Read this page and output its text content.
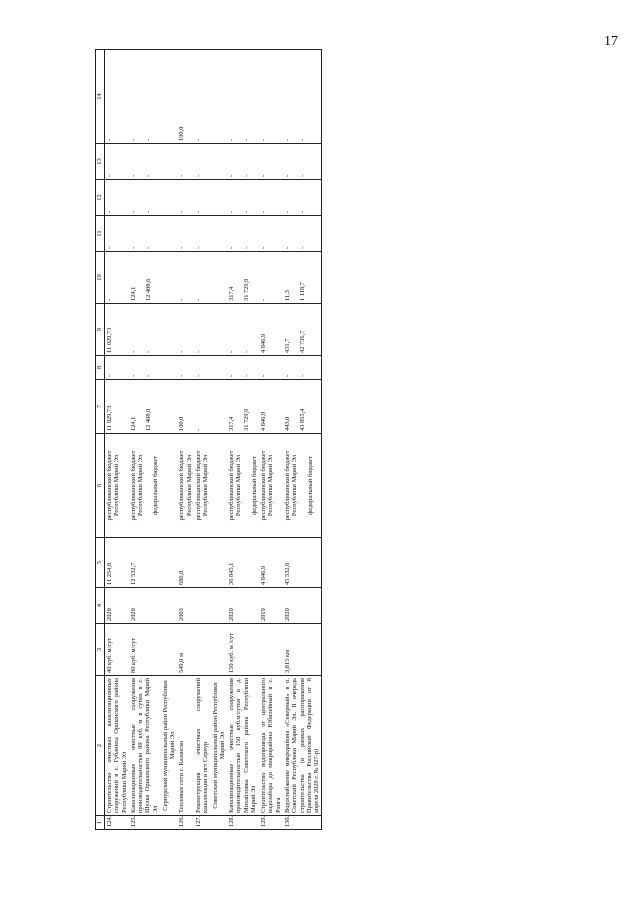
17
1	2	3	4	5	6	7	8	9	10	11	12	13	14
124.	Строительство очистных канализационных сооружений в с. Губаниха Оршанского района Республики Марий Эл	40 куб. м/сут	2020	11 254,8	республиканский бюджет Республики Марий Эл	11 029,73	-	11 029,73	-	-	-	-	-

125.	Канализационные очистные сооружения производительностью 80 куб. м в сутки в с. Шулка Оршанского района Республики Марий Эл	80 куб. м/сут	2020	12 532,7	республиканский бюджет Республики Марий Эл федеральный бюджет	124,1 12 408,0	- -	- -	124,1 12 408,6	- -	- -	- -	- -

	Сернурский муниципальный район Республики Марий Эл												
126.	Тепловые сети с. Казанско	549,0 м	2003	686,8	республиканский бюджет Республики Марий Эл	100,0	-	-	-	-	-	-	100,0

127.	Реконструкция очистных сооружений канализации в пгт Сернур				республиканский бюджет Республики Марий Эл	-	-	-	-	-	-	-	-

	Советский муниципальный район Республики Марий Эл												
128.	Канализационные очистные сооружения производительностью 150 куб.м/сутки в д. Михайловка Советского района Республики Марий Эл	150 куб. м /сут	2020	36 845,1	республиканский бюджет Республики Марий Эл федеральный бюджет	317,4 31 729,9	- -	- -	317,4 31 729,9	- -	- -	- -	- -

129.	Строительство водопровода от центрального водозабора до микрорайона Юбилейный в с. Ронга		2019	4 846,9	республиканский бюджет Республики Марий Эл	4 846,9	-	4 846,9	-	-	-	-	-

130.	Водоснабжение микрорайона «Северный» в п. Советский Республики Марий Эл. II очередь строительства (в рамках распоряжения Правительства Российской Федерации от 8 апреля 2020 г. № 927-р)	3,815 км	2020	45 532,6	республиканский бюджет Республики Марий Эл федеральный бюджет	443,0 43 855,4	- -	431,7 42 736,7	11,3 1 118,7	- -	- -	- -	- -
